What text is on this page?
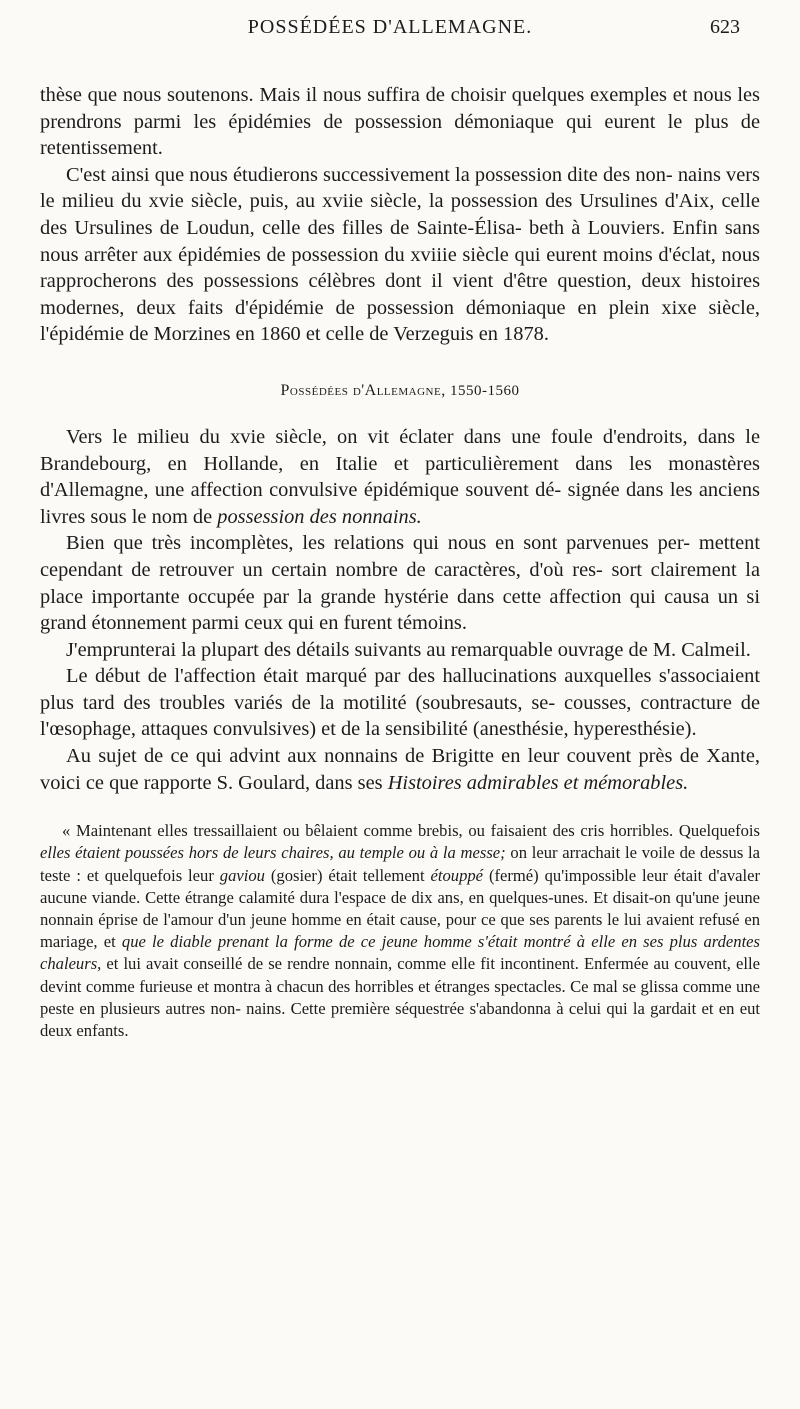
POSSÉDÉES D'ALLEMAGNE.	623

thèse que nous soutenons. Mais il nous suffira de choisir quelques exemples et nous les prendrons parmi les épidémies de possession démoniaque qui eurent le plus de retentissement.

C'est ainsi que nous étudierons successivement la possession dite des non- nains vers le milieu du xvie siècle, puis, au xviie siècle, la possession des Ursulines d'Aix, celle des Ursulines de Loudun, celle des filles de Sainte-Élisa- beth à Louviers. Enfin sans nous arrêter aux épidémies de possession du xviiie siècle qui eurent moins d'éclat, nous rapprocherons des possessions célèbres dont il vient d'être question, deux histoires modernes, deux faits d'épidémie de possession démoniaque en plein xixe siècle, l'épidémie de Morzines en 1860 et celle de Verzeguis en 1878.

Possédées d'Allemagne, 1550-1560

Vers le milieu du xvie siècle, on vit éclater dans une foule d'endroits, dans le Brandebourg, en Hollande, en Italie et particulièrement dans les monastères d'Allemagne, une affection convulsive épidémique souvent dé- signée dans les anciens livres sous le nom de possession des nonnains.

Bien que très incomplètes, les relations qui nous en sont parvenues per- mettent cependant de retrouver un certain nombre de caractères, d'où res- sort clairement la place importante occupée par la grande hystérie dans cette affection qui causa un si grand étonnement parmi ceux qui en furent témoins.

J'emprunterai la plupart des détails suivants au remarquable ouvrage de M. Calmeil.

Le début de l'affection était marqué par des hallucinations auxquelles s'associaient plus tard des troubles variés de la motilité (soubresauts, se- cousses, contracture de l'œsophage, attaques convulsives) et de la sensibilité (anesthésie, hyperesthésie).

Au sujet de ce qui advint aux nonnains de Brigitte en leur couvent près de Xante, voici ce que rapporte S. Goulard, dans ses Histoires admirables et mémorables.

« Maintenant elles tressaillaient ou bêlaient comme brebis, ou faisaient des cris horribles. Quelquefois elles étaient poussées hors de leurs chaires, au temple ou à la messe; on leur arrachait le voile de dessus la teste : et quelquefois leur gaviou (gosier) était tellement étouppé (fermé) qu'impossible leur était d'avaler aucune viande. Cette étrange calamité dura l'espace de dix ans, en quelques-unes. Et disait-on qu'une jeune nonnain éprise de l'amour d'un jeune homme en était cause, pour ce que ses parents le lui avaient refusé en mariage, et que le diable prenant la forme de ce jeune homme s'était montré à elle en ses plus ardentes chaleurs, et lui avait conseillé de se rendre nonnain, comme elle fit incontinent. Enfermée au couvent, elle devint comme furieuse et montra à chacun des horribles et étranges spectacles. Ce mal se glissa comme une peste en plusieurs autres non- nains. Cette première séquestrée s'abandonna à celui qui la gardait et en eut deux enfants.
